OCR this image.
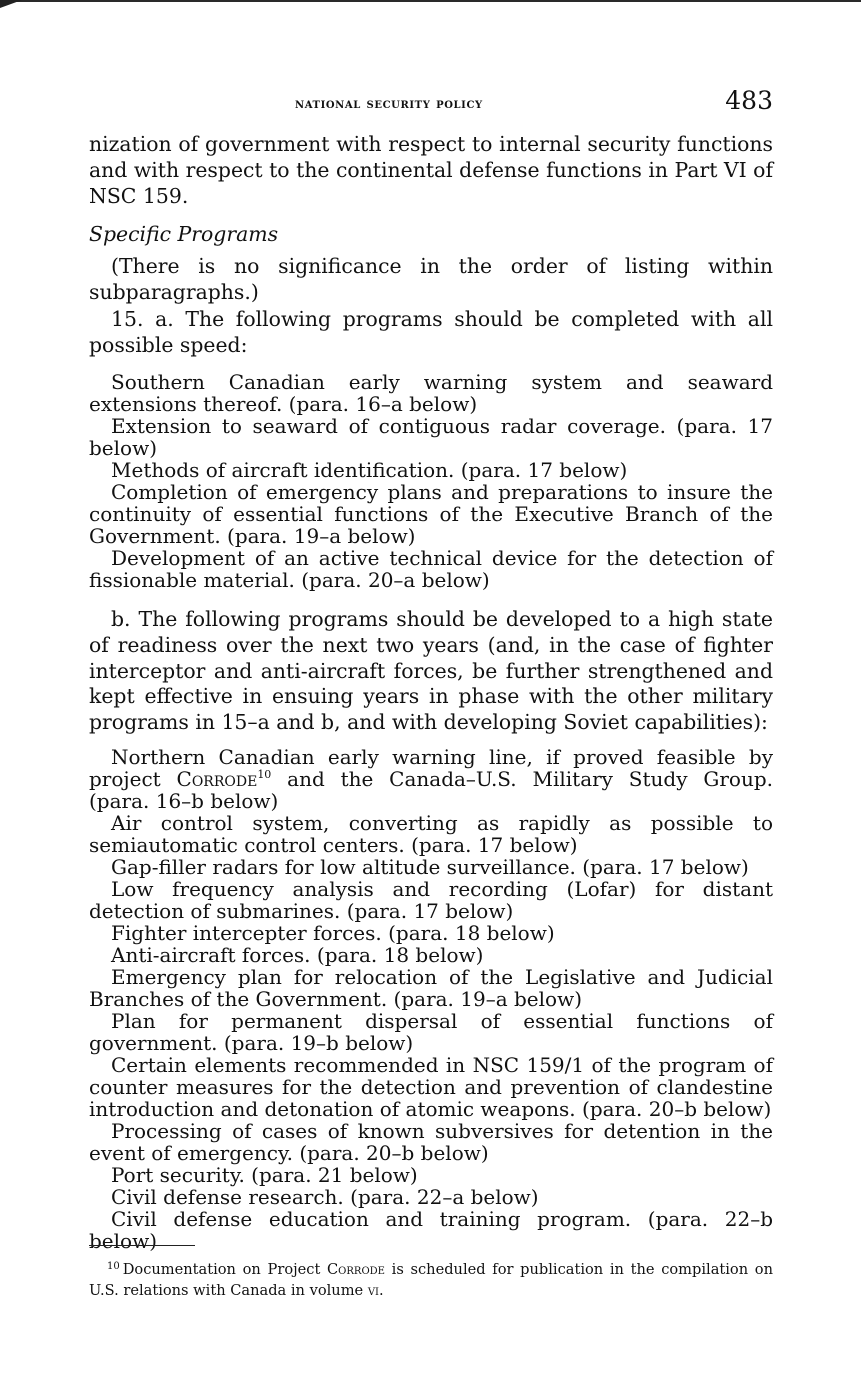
national security policy	483

nization of government with respect to internal security functions and with respect to the continental defense functions in Part VI of NSC 159.

Specific Programs

(There is no significance in the order of listing within subparagraphs.)

15. a. The following programs should be completed with all possible speed:

Southern Canadian early warning system and seaward extensions thereof. (para. 16–a below)

Extension to seaward of contiguous radar coverage. (para. 17 below)

Methods of aircraft identification. (para. 17 below)

Completion of emergency plans and preparations to insure the continuity of essential functions of the Executive Branch of the Government. (para. 19–a below)

Development of an active technical device for the detection of fissionable material. (para. 20–a below)

b. The following programs should be developed to a high state of readiness over the next two years (and, in the case of fighter interceptor and anti-aircraft forces, be further strengthened and kept effective in ensuing years in phase with the other military programs in 15–a and b, and with developing Soviet capabilities):

Northern Canadian early warning line, if proved feasible by project Corrode$^{10}$ and the Canada–U.S. Military Study Group. (para. 16–b below)

Air control system, converting as rapidly as possible to semiautomatic control centers. (para. 17 below)

Gap-filler radars for low altitude surveillance. (para. 17 below)

Low frequency analysis and recording (Lofar) for distant detection of submarines. (para. 17 below)

Fighter intercepter forces. (para. 18 below)

Anti-aircraft forces. (para. 18 below)

Emergency plan for relocation of the Legislative and Judicial Branches of the Government. (para. 19–a below)

Plan for permanent dispersal of essential functions of government. (para. 19–b below)

Certain elements recommended in NSC 159/1 of the program of counter measures for the detection and prevention of clandestine introduction and detonation of atomic weapons. (para. 20–b below)

Processing of cases of known subversives for detention in the event of emergency. (para. 20–b below)

Port security. (para. 21 below)

Civil defense research. (para. 22–a below)

Civil defense education and training program. (para. 22–b below)

$^{10}$ Documentation on Project Corrode is scheduled for publication in the compilation on U.S. relations with Canada in volume vi.
